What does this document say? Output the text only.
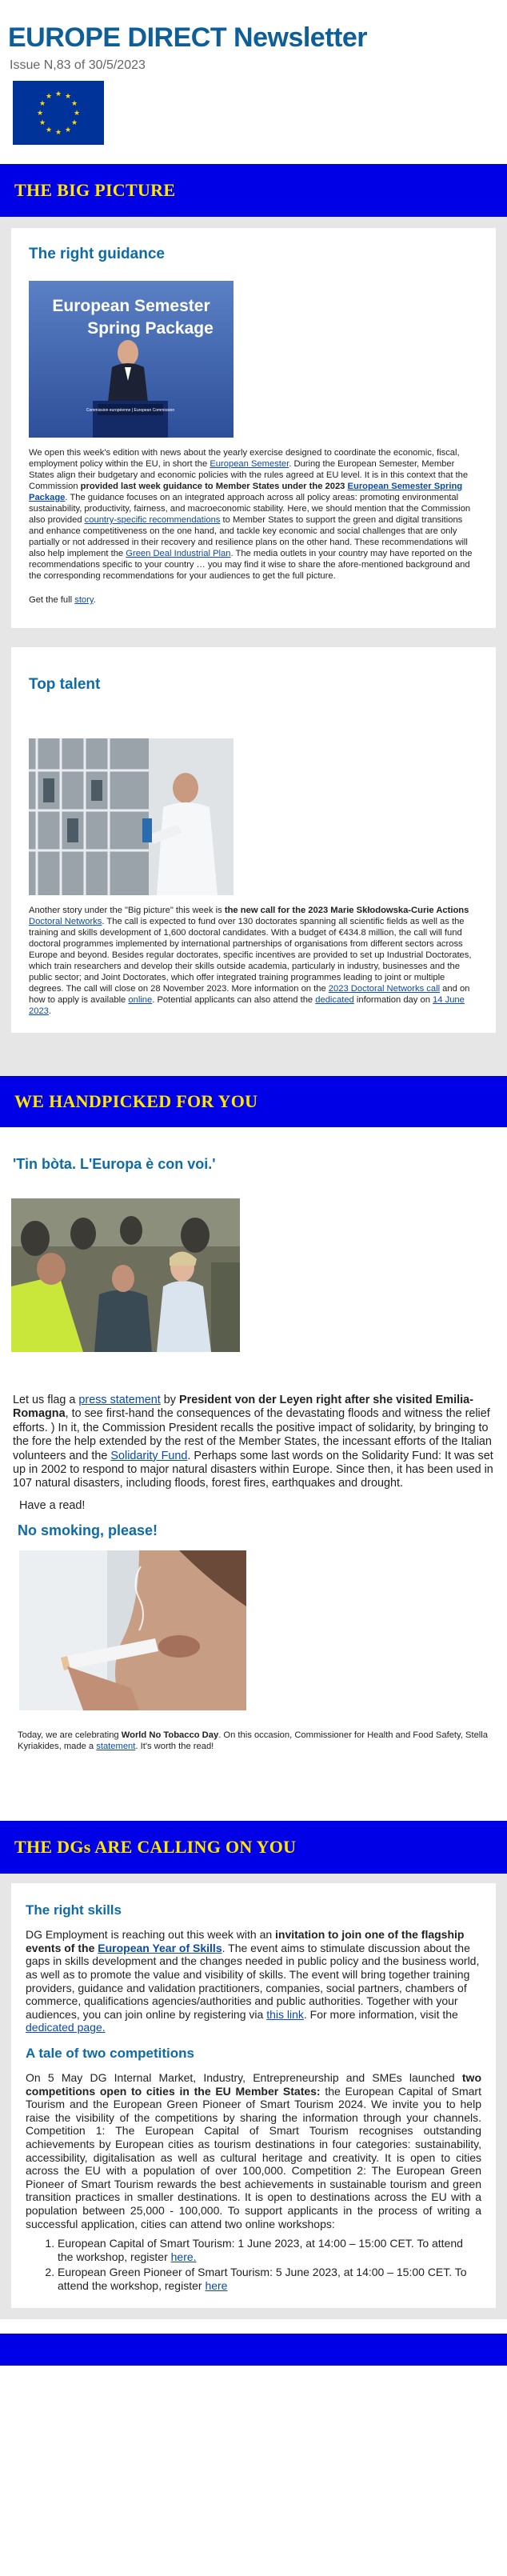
EUROPE DIRECT Newsletter
Issue N,83 of 30/5/2023
★ ★
★
★
★
★
★
★
★
★
★
★
THE BIG PICTURE
The right guidance
European Semester
Spring Package
Commission européenne | European Commission

We open this week's edition with news about the yearly exercise designed to coordinate the economic, fiscal, employment policy within the EU, in short the European Semester. During the European Semester, Member States align their budgetary and economic policies with the rules agreed at EU level. It is in this context that the Commission provided last week guidance to Member States under the 2023 European Semester Spring Package. The guidance focuses on an integrated approach across all policy areas: promoting environmental sustainability, productivity, fairness, and macroeconomic stability. Here, we should mention that the Commission also provided country-specific recommendations to Member States to support the green and digital transitions and enhance competitiveness on the one hand, and tackle key economic and social challenges that are only partially or not addressed in their recovery and resilience plans on the other hand. These recommendations will also help implement the Green Deal Industrial Plan. The media outlets in your country may have reported on the recommendations specific to your country … you may find it wise to share the afore-mentioned background and the corresponding recommendations for your audiences to get the full picture.

Get the full story.

Top talent

Another story under the "Big picture" this week is the new call for the 2023 Marie Skłodowska-Curie Actions Doctoral Networks. The call is expected to fund over 130 doctorates spanning all scientific fields as well as the training and skills development of 1,600 doctoral candidates. With a budget of €434.8 million, the call will fund doctoral programmes implemented by international partnerships of organisations from different sectors across Europe and beyond. Besides regular doctorates, specific incentives are provided to set up Industrial Doctorates, which train researchers and develop their skills outside academia, particularly in industry, businesses and the public sector; and Joint Doctorates, which offer integrated training programmes leading to joint or multiple degrees. The call will close on 28 November 2023. More information on the 2023 Doctoral Networks call and on how to apply is available online. Potential applicants can also attend the dedicated information day on 14 June 2023.

WE HANDPICKED FOR YOU
'Tin bòta. L'Europa è con voi.'

Let us flag a press statement by President von der Leyen right after she visited Emilia-Romagna, to see first-hand the consequences of the devastating floods and witness the relief efforts. ) In it, the Commission President recalls the positive impact of solidarity, by bringing to the fore the help extended by the rest of the Member States, the incessant efforts of the Italian volunteers and the Solidarity Fund. Perhaps some last words on the Solidarity Fund: It was set up in 2002 to respond to major natural disasters within Europe. Since then, it has been used in 107 natural disasters, including floods, forest fires, earthquakes and drought.

Have a read!

No smoking, please!

Today, we are celebrating World No Tobacco Day. On this occasion, Commissioner for Health and Food Safety, Stella Kyriakides, made a statement. It's worth the read!

THE DGs ARE CALLING ON YOU
The right skills

DG Employment is reaching out this week with an invitation to join one of the flagship events of the European Year of Skills. The event aims to stimulate discussion about the gaps in skills development and the changes needed in public policy and the business world, as well as to promote the value and visibility of skills. The event will bring together training providers, guidance and validation practitioners, companies, social partners, chambers of commerce, qualifications agencies/authorities and public authorities. Together with your audiences, you can join online by registering via this link. For more information, visit the dedicated page.

A tale of two competitions

On 5 May DG Internal Market, Industry, Entrepreneurship and SMEs launched two competitions open to cities in the EU Member States: the European Capital of Smart Tourism and the European Green Pioneer of Smart Tourism 2024. We invite you to help raise the visibility of the competitions by sharing the information through your channels. Competition 1: The European Capital of Smart Tourism recognises outstanding achievements by European cities as tourism destinations in four categories: sustainability, accessibility, digitalisation as well as cultural heritage and creativity. It is open to cities across the EU with a population of over 100,000. Competition 2: The European Green Pioneer of Smart Tourism rewards the best achievements in sustainable tourism and green transition practices in smaller destinations. It is open to destinations across the EU with a population between 25,000 - 100,000. To support applicants in the process of writing a successful application, cities can attend two online workshops:

1. European Capital of Smart Tourism: 1 June 2023, at 14:00 – 15:00 CET. To attend the workshop, register here.
2. European Green Pioneer of Smart Tourism: 5 June 2023, at 14:00 – 15:00 CET. To attend the workshop, register here
